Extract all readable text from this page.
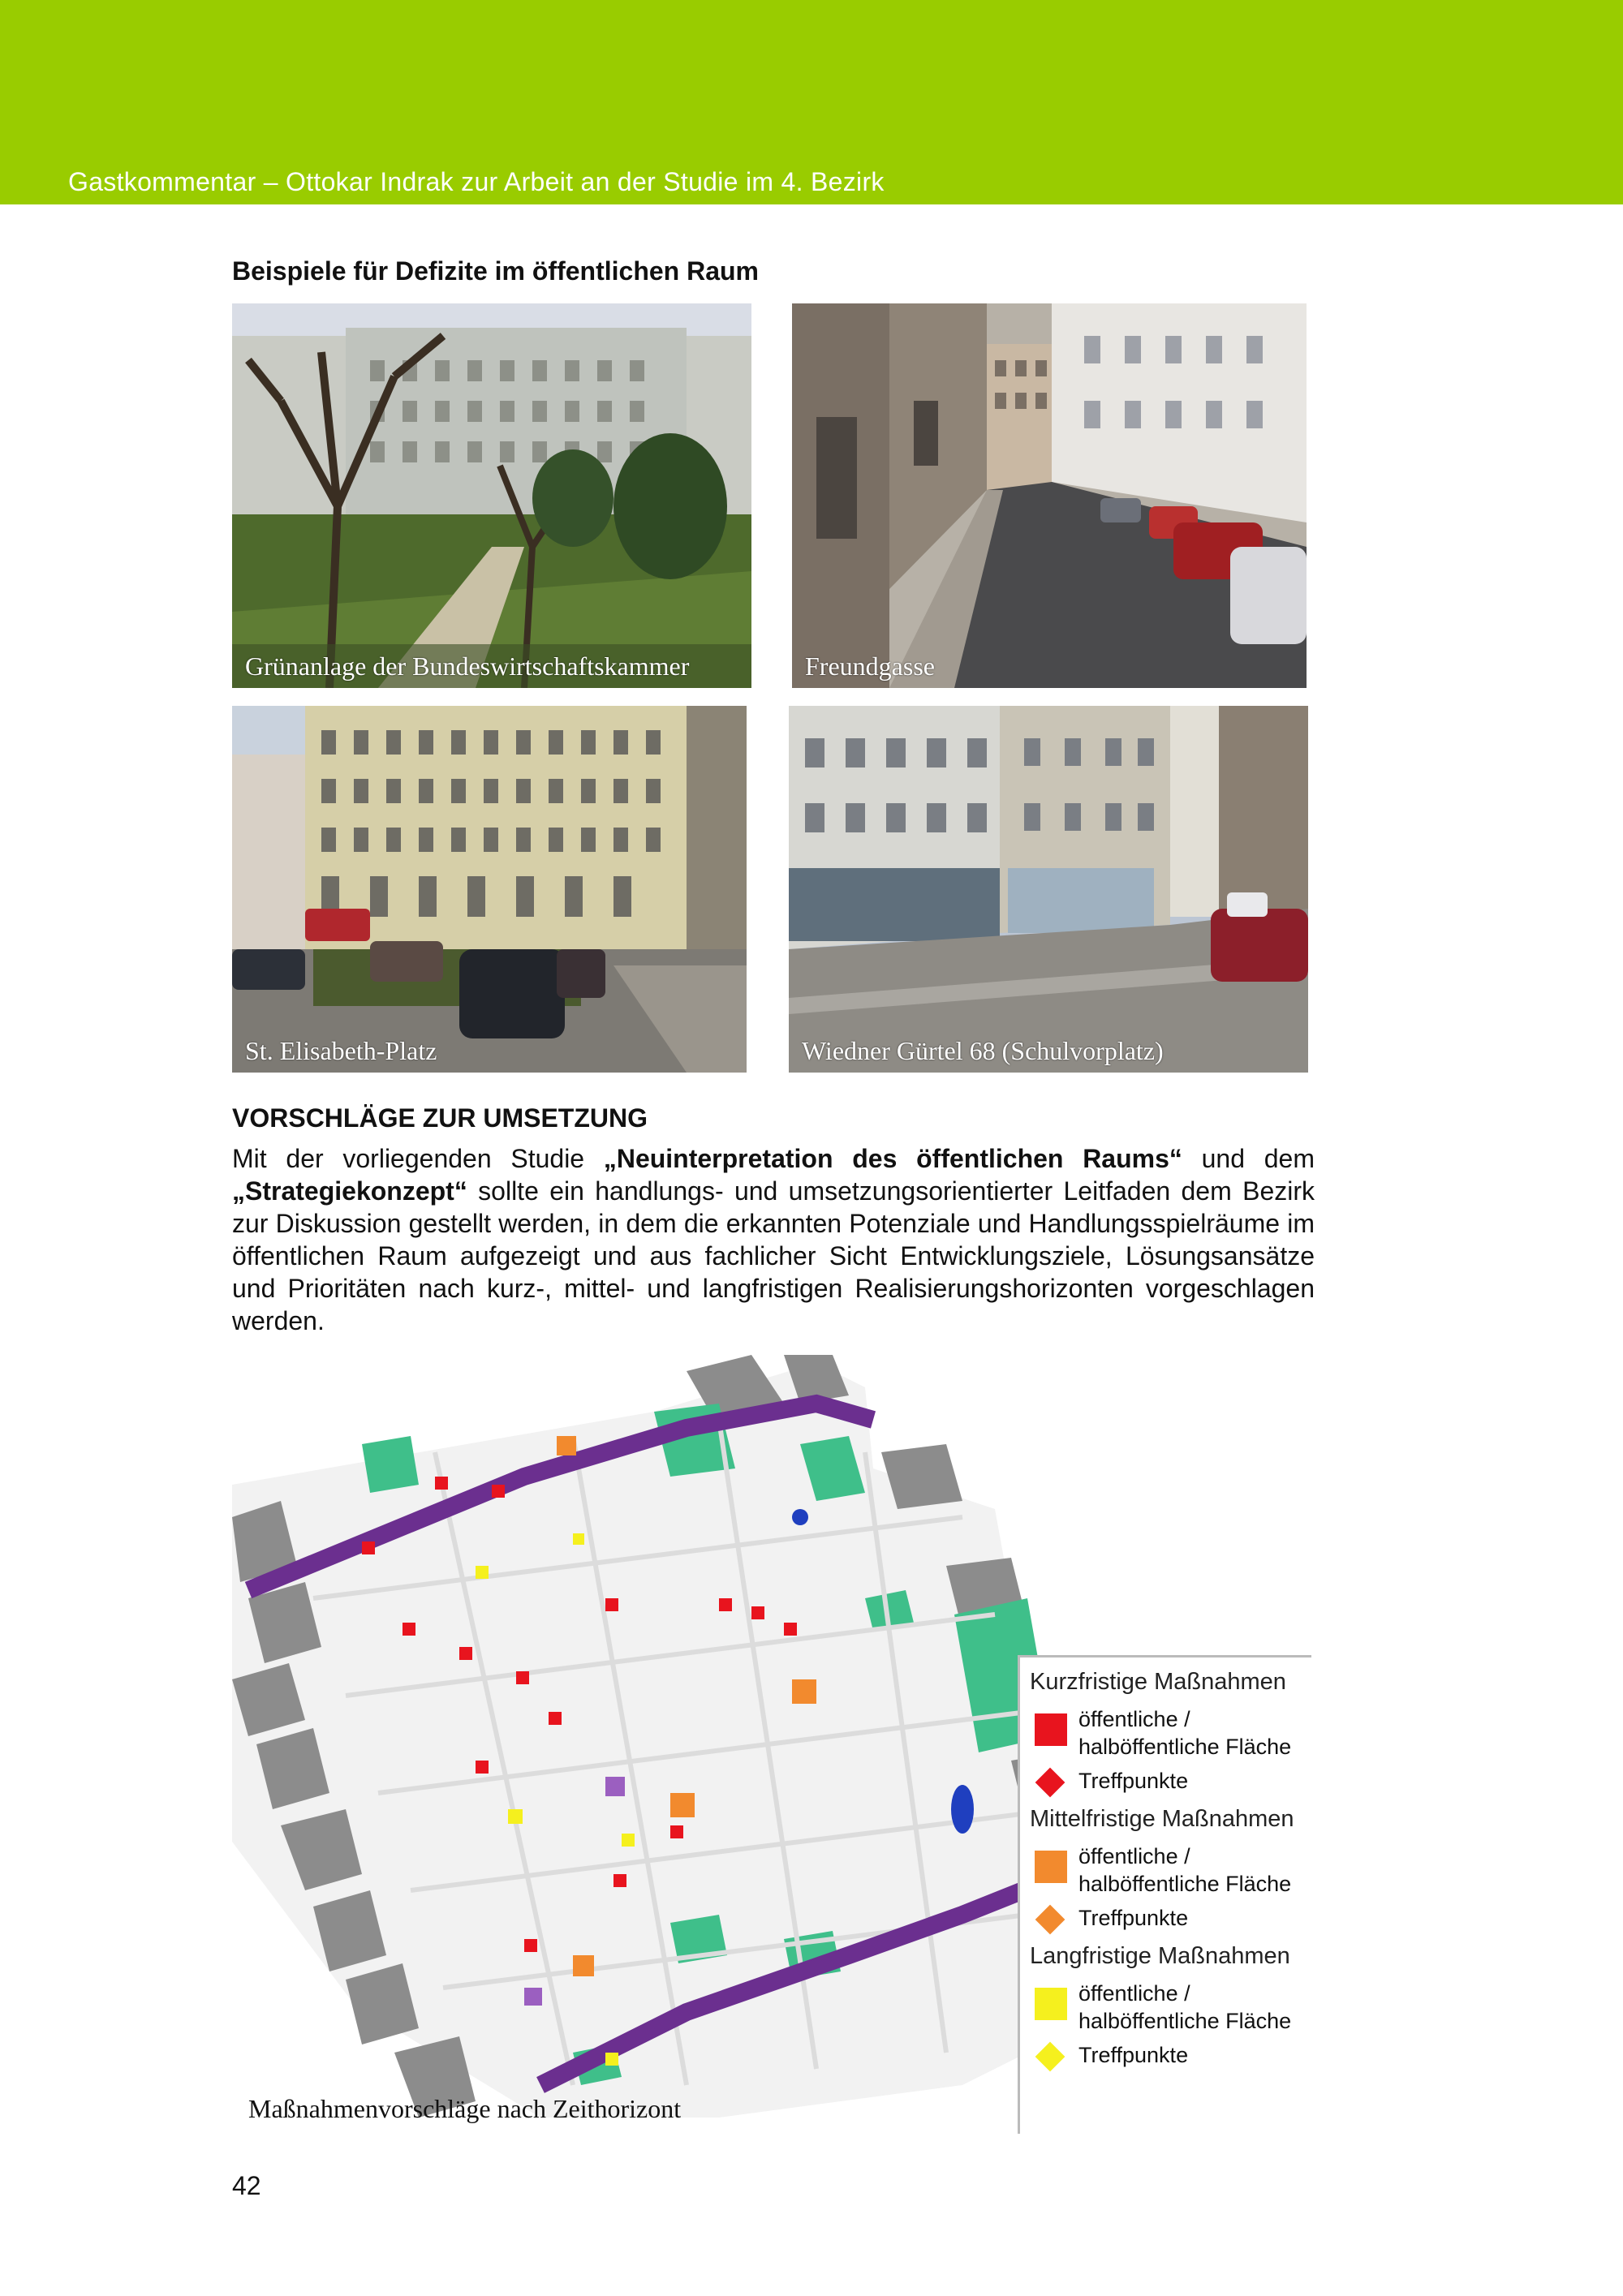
Gastkommentar – Ottokar Indrak zur Arbeit an der Studie im 4. Bezirk
Beispiele für Defizite im öffentlichen Raum
Grünanlage der Bundeswirtschaftskammer	Freundgasse
St. Elisabeth-Platz	Wiedner Gürtel 68 (Schulvorplatz)
VORSCHLÄGE ZUR UMSETZUNG
Mit der vorliegenden Studie „Neuinterpretation des öffentlichen Raums“ und dem „Strategiekonzept“ sollte ein handlungs- und umsetzungsorientierter Leitfaden dem Bezirk zur Diskussion gestellt werden, in dem die erkannten Potenziale und Handlungsspielräume im öffentlichen Raum aufgezeigt und aus fachlicher Sicht Entwicklungsziele, Lösungsansätze und Prioritäten nach kurz-, mittel- und langfristigen Realisierungshorizonten vorgeschlagen werden.
Kurzfristige Maßnahmen
öffentliche / halböffentliche Fläche
Treffpunkte
Mittelfristige Maßnahmen
öffentliche / halböffentliche Fläche
Treffpunkte
Langfristige Maßnahmen
öffentliche / halböffentliche Fläche
Treffpunkte
Maßnahmenvorschläge nach Zeithorizont
42
